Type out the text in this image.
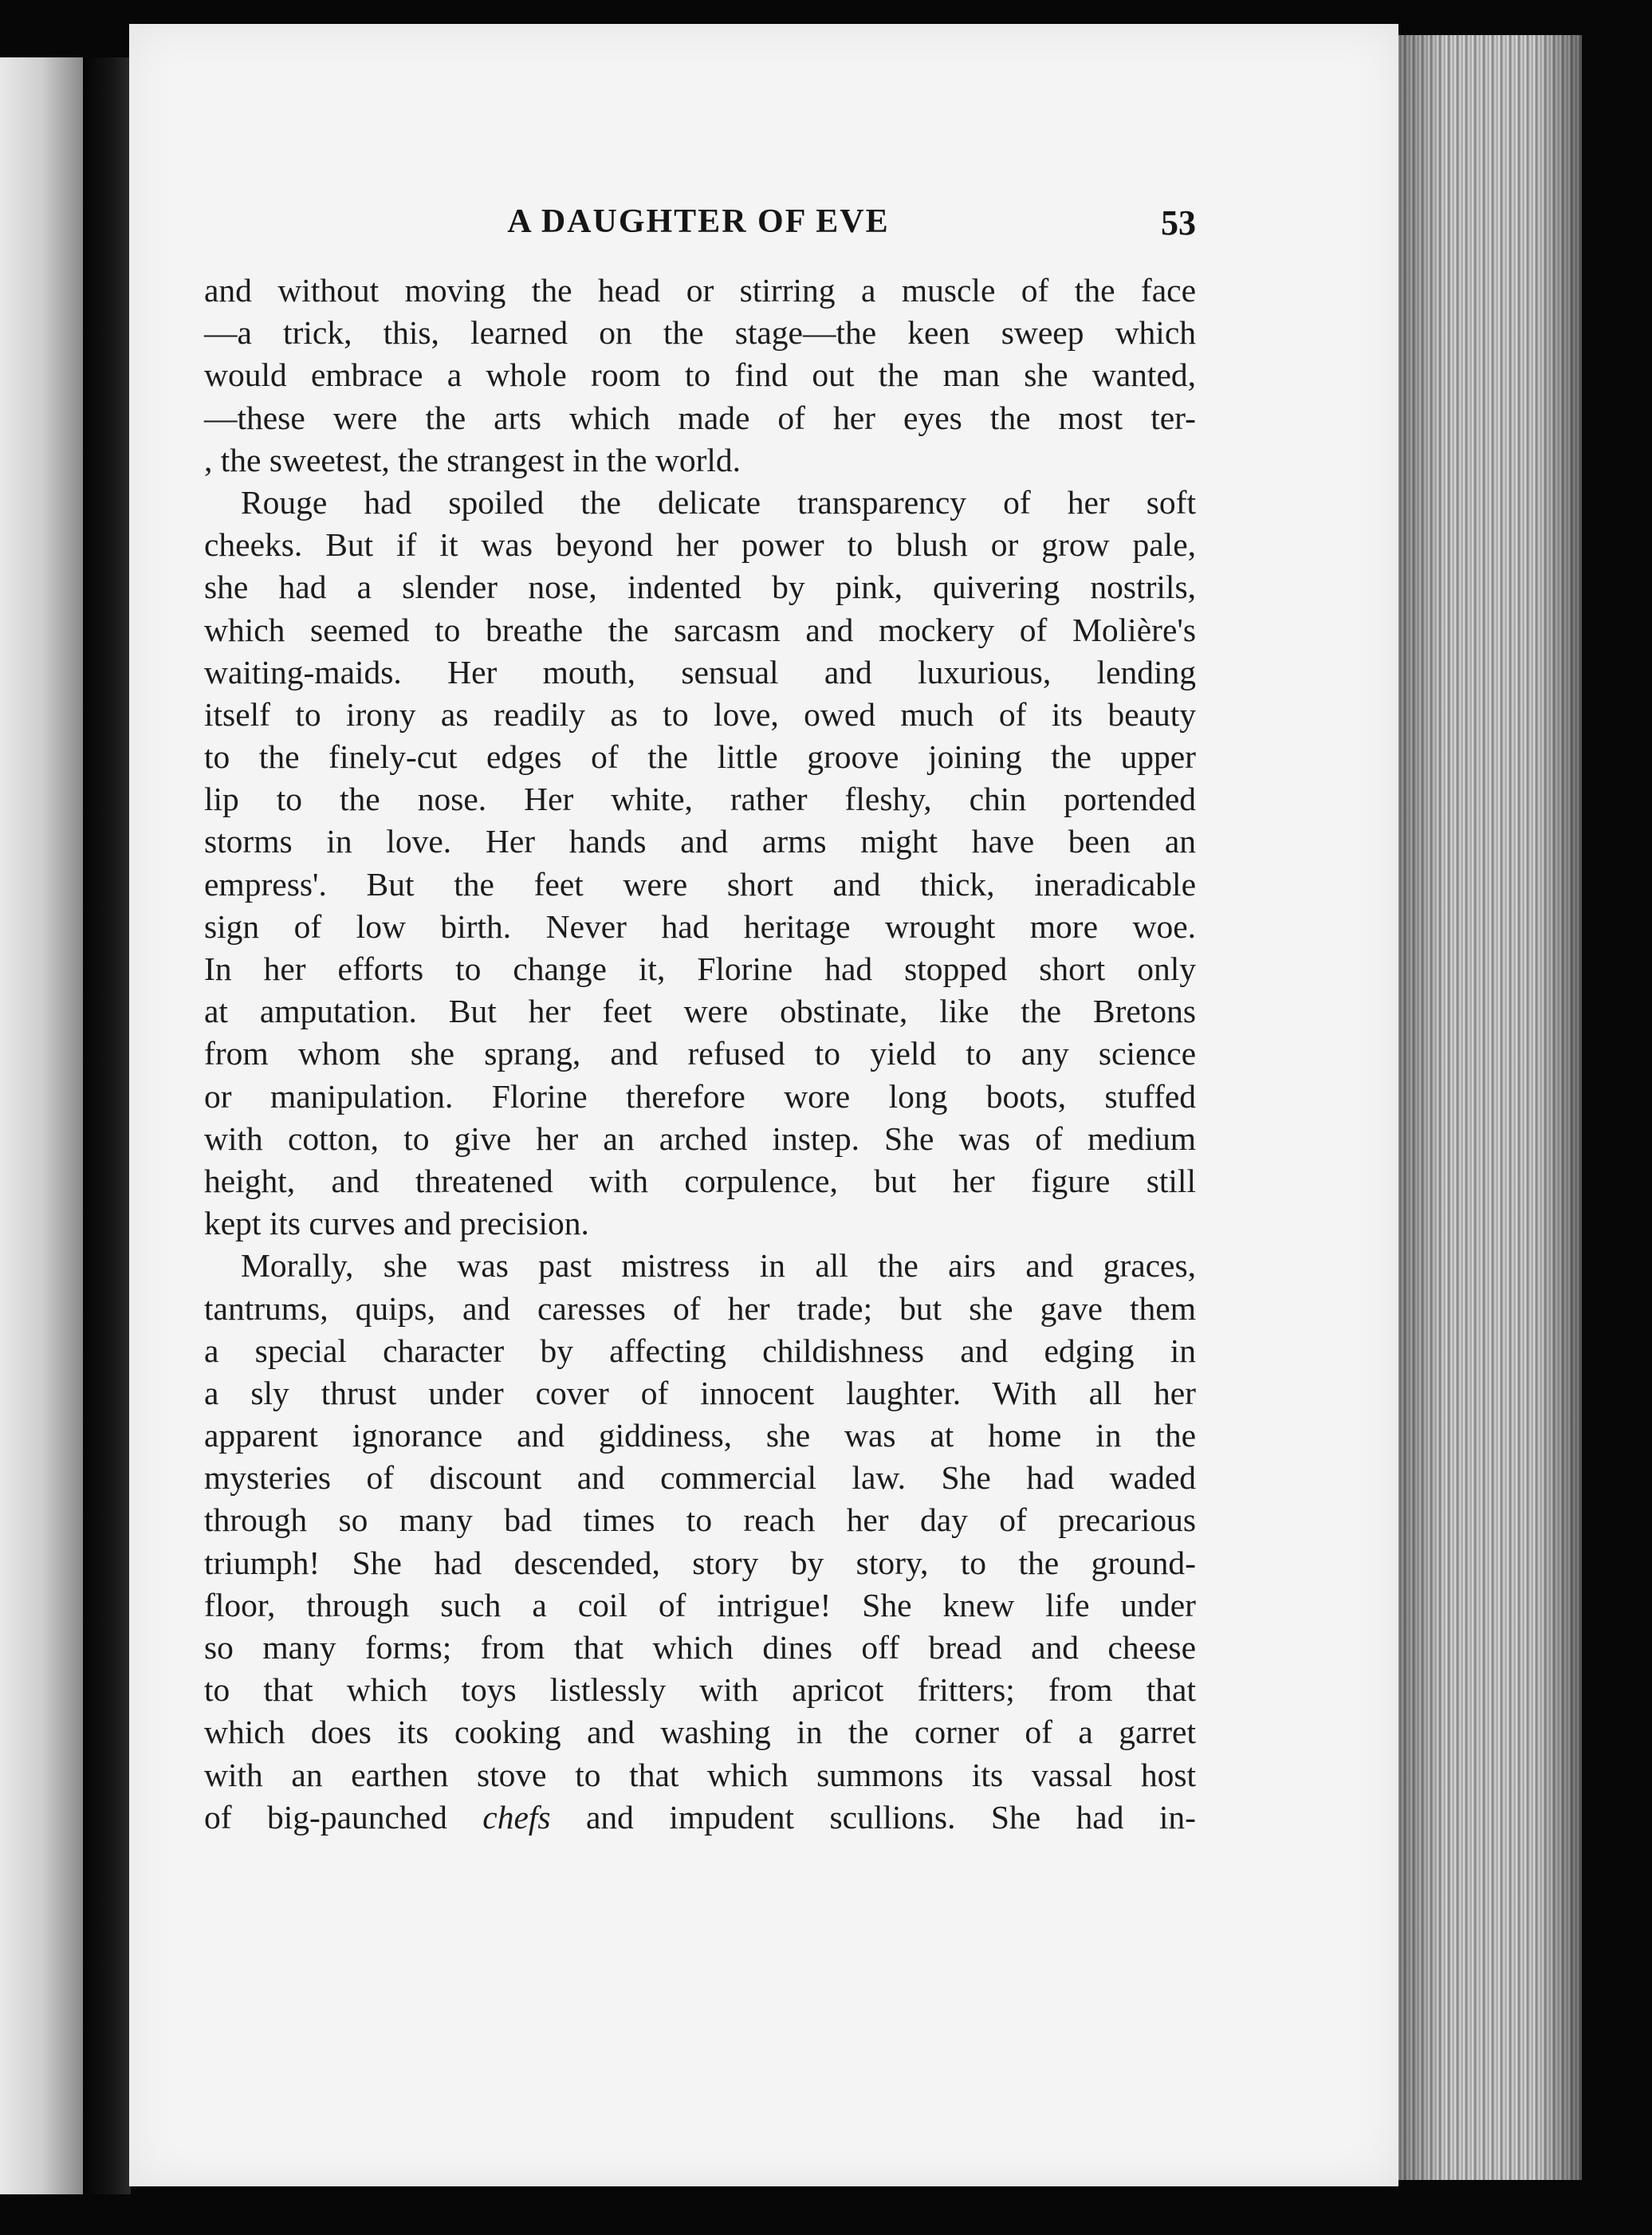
A DAUGHTER OF EVE	53
and without moving the head or stirring a muscle of the face
—a trick, this, learned on the stage—the keen sweep which
would embrace a whole room to find out the man she wanted,
—these were the arts which made of her eyes the most ter-
, the sweetest, the strangest in the world.
Rouge had spoiled the delicate transparency of her soft
cheeks. But if it was beyond her power to blush or grow pale,
she had a slender nose, indented by pink, quivering nostrils,
which seemed to breathe the sarcasm and mockery of Molière's
waiting-maids. Her mouth, sensual and luxurious, lending
itself to irony as readily as to love, owed much of its beauty
to the finely-cut edges of the little groove joining the upper
lip to the nose. Her white, rather fleshy, chin portended
storms in love. Her hands and arms might have been an
empress'. But the feet were short and thick, ineradicable
sign of low birth. Never had heritage wrought more woe.
In her efforts to change it, Florine had stopped short only
at amputation. But her feet were obstinate, like the Bretons
from whom she sprang, and refused to yield to any science
or manipulation. Florine therefore wore long boots, stuffed
with cotton, to give her an arched instep. She was of medium
height, and threatened with corpulence, but her figure still
kept its curves and precision.
Morally, she was past mistress in all the airs and graces,
tantrums, quips, and caresses of her trade; but she gave them
a special character by affecting childishness and edging in
a sly thrust under cover of innocent laughter. With all her
apparent ignorance and giddiness, she was at home in the
mysteries of discount and commercial law. She had waded
through so many bad times to reach her day of precarious
triumph! She had descended, story by story, to the ground-
floor, through such a coil of intrigue! She knew life under
so many forms; from that which dines off bread and cheese
to that which toys listlessly with apricot fritters; from that
which does its cooking and washing in the corner of a garret
with an earthen stove to that which summons its vassal host
of big-paunched chefs and impudent scullions. She had in-
